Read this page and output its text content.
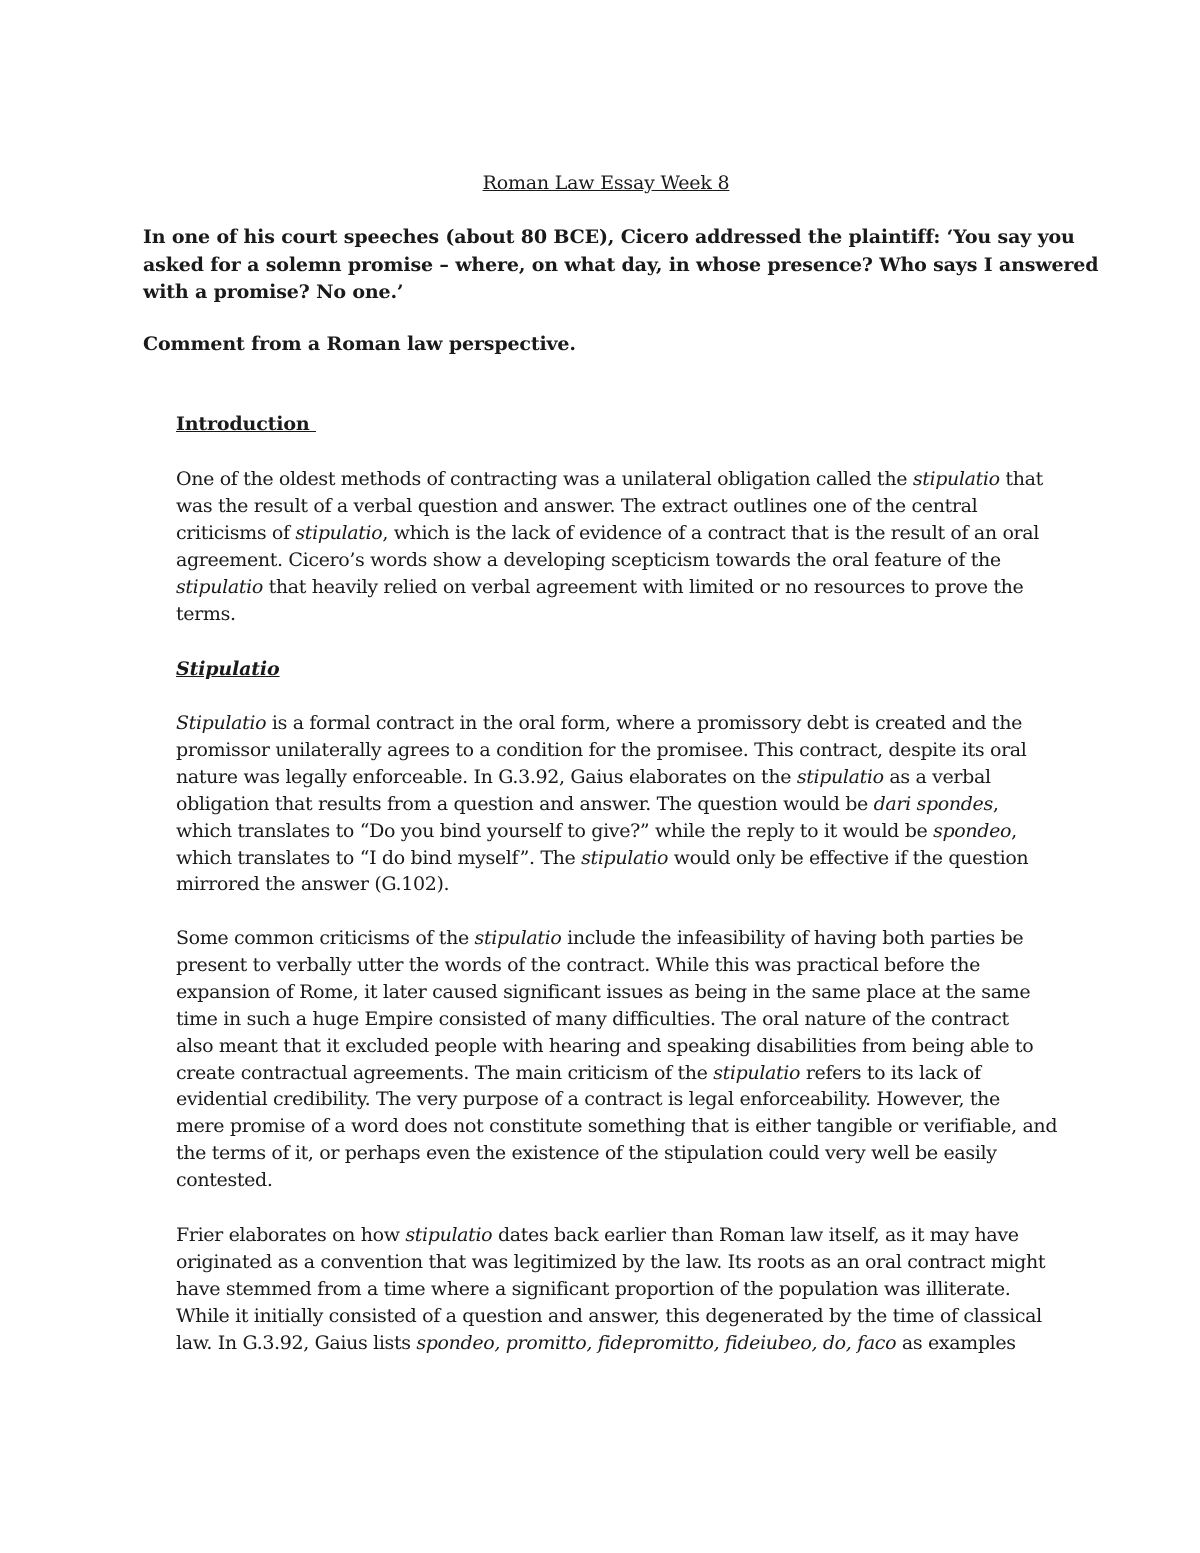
Roman Law Essay Week 8
In one of his court speeches (about 80 BCE), Cicero addressed the plaintiff: ‘You say you
asked for a solemn promise – where, on what day, in whose presence? Who says I answered
with a promise? No one.’
Comment from a Roman law perspective.
Introduction
One of the oldest methods of contracting was a unilateral obligation called the stipulatio that
was the result of a verbal question and answer. The extract outlines one of the central
criticisms of stipulatio, which is the lack of evidence of a contract that is the result of an oral
agreement. Cicero’s words show a developing scepticism towards the oral feature of the
stipulatio that heavily relied on verbal agreement with limited or no resources to prove the
terms.
Stipulatio
Stipulatio is a formal contract in the oral form, where a promissory debt is created and the
promissor unilaterally agrees to a condition for the promisee. This contract, despite its oral
nature was legally enforceable. In G.3.92, Gaius elaborates on the stipulatio as a verbal
obligation that results from a question and answer. The question would be dari spondes,
which translates to “Do you bind yourself to give?” while the reply to it would be spondeo,
which translates to “I do bind myself”. The stipulatio would only be effective if the question
mirrored the answer (G.102).
Some common criticisms of the stipulatio include the infeasibility of having both parties be
present to verbally utter the words of the contract. While this was practical before the
expansion of Rome, it later caused significant issues as being in the same place at the same
time in such a huge Empire consisted of many difficulties. The oral nature of the contract
also meant that it excluded people with hearing and speaking disabilities from being able to
create contractual agreements. The main criticism of the stipulatio refers to its lack of
evidential credibility. The very purpose of a contract is legal enforceability. However, the
mere promise of a word does not constitute something that is either tangible or verifiable, and
the terms of it, or perhaps even the existence of the stipulation could very well be easily
contested.
Frier elaborates on how stipulatio dates back earlier than Roman law itself, as it may have
originated as a convention that was legitimized by the law. Its roots as an oral contract might
have stemmed from a time where a significant proportion of the population was illiterate.
While it initially consisted of a question and answer, this degenerated by the time of classical
law. In G.3.92, Gaius lists spondeo, promitto, fidepromitto, fideiubeo, do, faco as examples
